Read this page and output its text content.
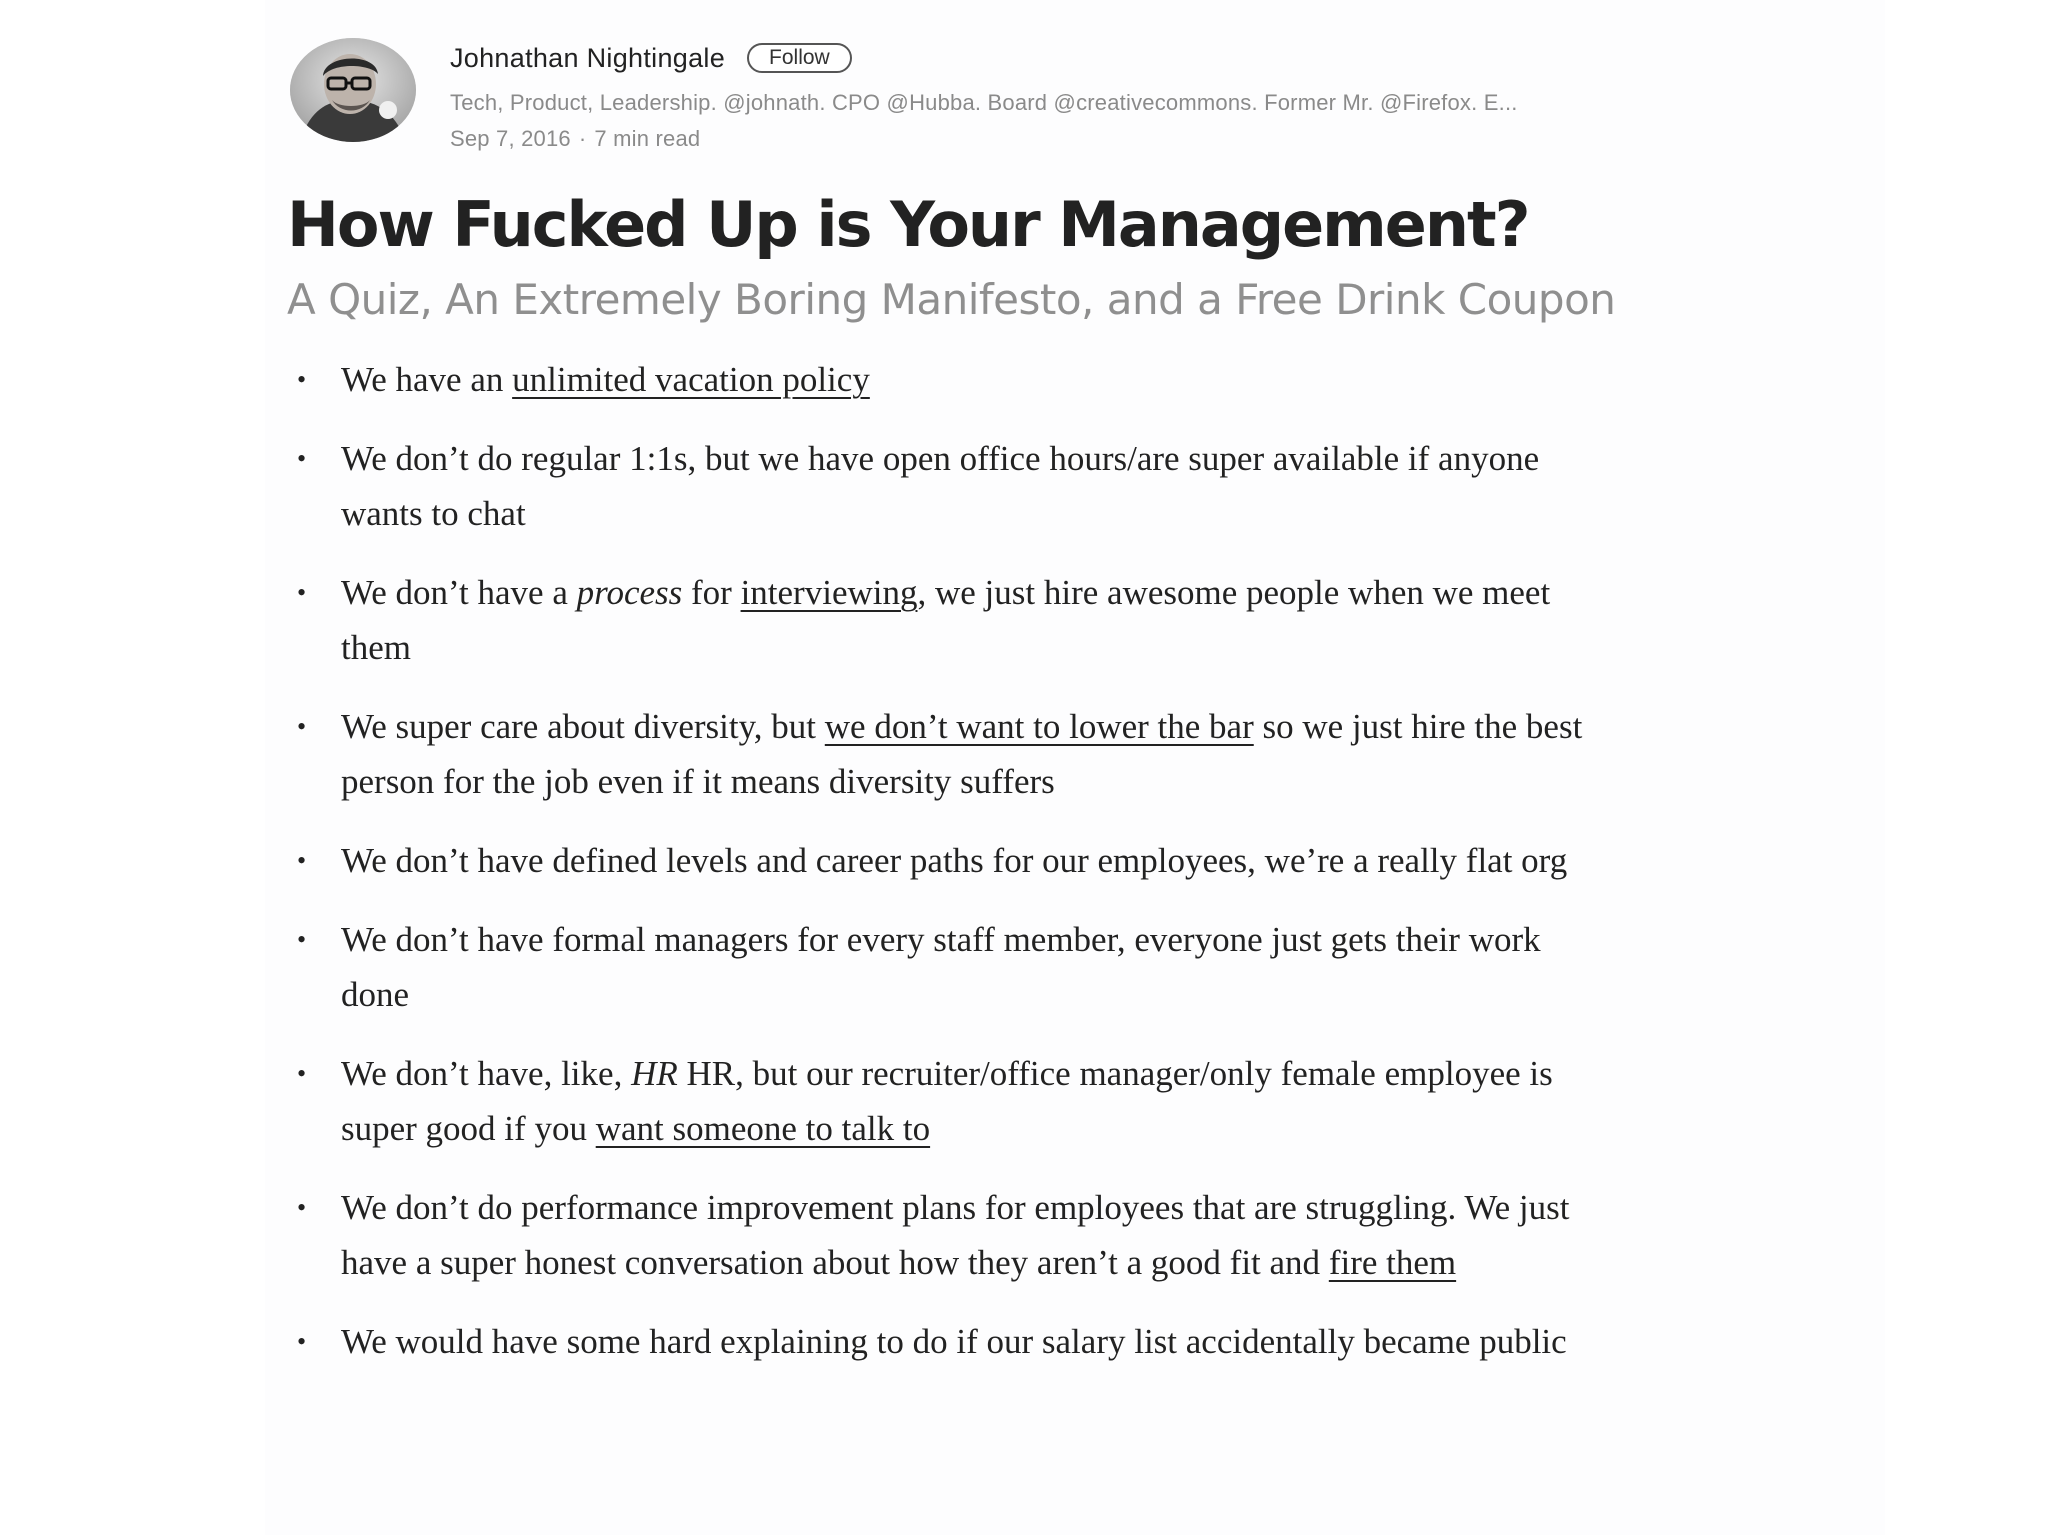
Johnathan Nightingale	Follow
Tech, Product, Leadership. @johnath. CPO @Hubba. Board @creativecommons. Former Mr. @Firefox. E...
Sep 7, 2016 · 7 min read
How Fucked Up is Your Management?
A Quiz, An Extremely Boring Manifesto, and a Free Drink Coupon
• We have an unlimited vacation policy
• We don’t do regular 1:1s, but we have open office hours/are super available if anyone wants to chat
• We don’t have a process for interviewing, we just hire awesome people when we meet them
• We super care about diversity, but we don’t want to lower the bar so we just hire the best person for the job even if it means diversity suffers
• We don’t have defined levels and career paths for our employees, we’re a really flat org
• We don’t have formal managers for every staff member, everyone just gets their work done
• We don’t have, like, HR HR, but our recruiter/office manager/only female employee is super good if you want someone to talk to
• We don’t do performance improvement plans for employees that are struggling. We just have a super honest conversation about how they aren’t a good fit and fire them
• We would have some hard explaining to do if our salary list accidentally became public
